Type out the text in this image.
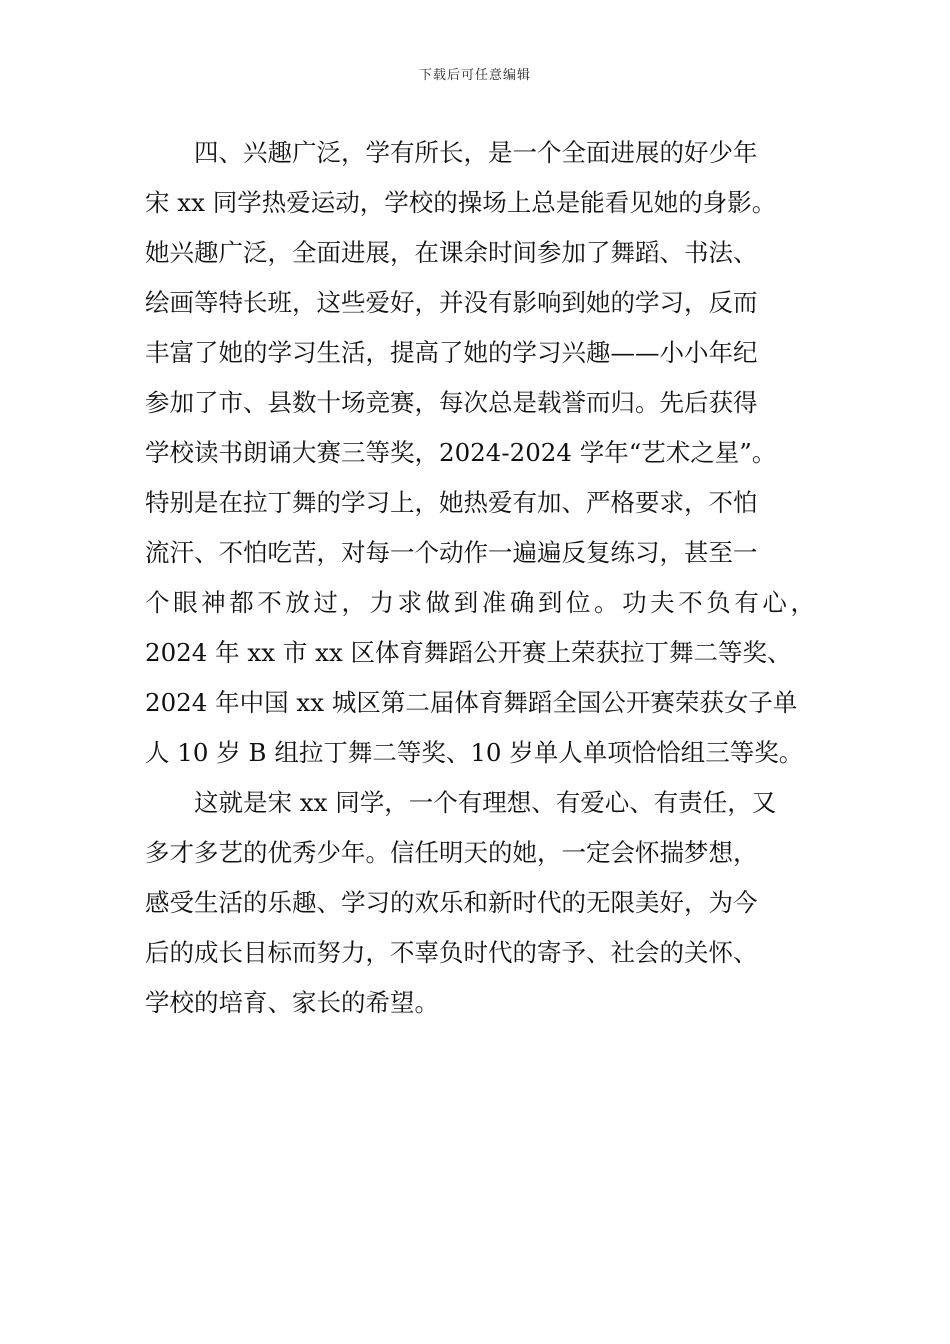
下载后可任意编辑
四、兴趣广泛，学有所长，是一个全面进展的好少年
宋 xx 同学热爱运动，学校的操场上总是能看见她的身影。
她兴趣广泛，全面进展，在课余时间参加了舞蹈、书法、
绘画等特长班，这些爱好，并没有影响到她的学习，反而
丰富了她的学习生活，提高了她的学习兴趣——小小年纪
参加了市、县数十场竞赛，每次总是载誉而归。先后获得
学校读书朗诵大赛三等奖，2024-2024 学年“艺术之星”。
特别是在拉丁舞的学习上，她热爱有加、严格要求，不怕
流汗、不怕吃苦，对每一个动作一遍遍反复练习，甚至一
个眼神都不放过，力求做到准确到位。功夫不负有心，
2024 年 xx 市 xx 区体育舞蹈公开赛上荣获拉丁舞二等奖、
2024 年中国 xx 城区第二届体育舞蹈全国公开赛荣获女子单
人 10 岁 B 组拉丁舞二等奖、10 岁单人单项恰恰组三等奖。
这就是宋 xx 同学，一个有理想、有爱心、有责任，又
多才多艺的优秀少年。信任明天的她，一定会怀揣梦想，
感受生活的乐趣、学习的欢乐和新时代的无限美好，为今
后的成长目标而努力，不辜负时代的寄予、社会的关怀、
学校的培育、家长的希望。
